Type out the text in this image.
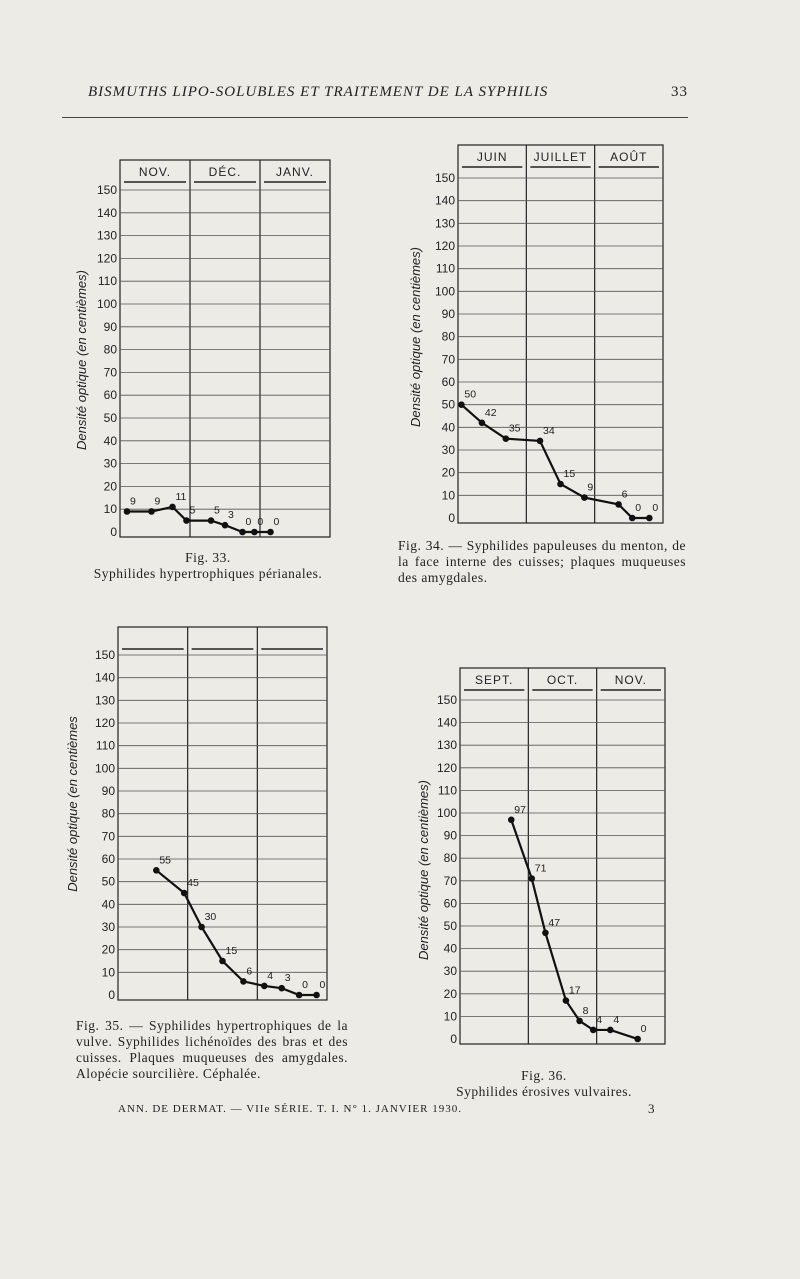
BISMUTHS LIPO-SOLUBLES ET TRAITEMENT DE LA SYPHILIS	33
NOV.	DÉC.	JANV.
0
10
20
30
40
50
60
70
80
90
100
110
120
130
140
150
Densité optique (en centièmes)
9 9 11
5 5 3
0 0 0
JUIN JUILLET AOÛT
0
10
20
30
40
50
60
70
80
90
100
110
120
130
140
150
Densité optique (en centièmes)	50
42
35 34
15
9
6
0 0
0
10
20
30
40
50
60
70
80
90
100
110
120
130
140
150
Densité optique (en centièmes	55
45
30
15
6 4 3
0 0
SEPT.	OCT.	NOV.
0
10
20
30
40
50
60
70
80
90
100
110
120
130
140
150
Densité optique (en centièmes)	97
71
47
17
8
4 4
0
Fig. 33.
Syphilides hypertrophiques périanales.
Fig. 34. — Syphilides papuleuses du menton, de la face interne des cuisses; plaques muqueuses des amygdales.
Fig. 35. — Syphilides hypertrophiques de la vulve. Syphilides lichénoïdes des bras et des cuisses. Plaques muqueuses des amygdales. Alopécie sourcilière. Céphalée.	Fig. 36.
Syphilides érosives vulvaires.
ANN. DE DERMAT. — VIIe SÉRIE. T. I. N° 1. JANVIER 1930.	3
